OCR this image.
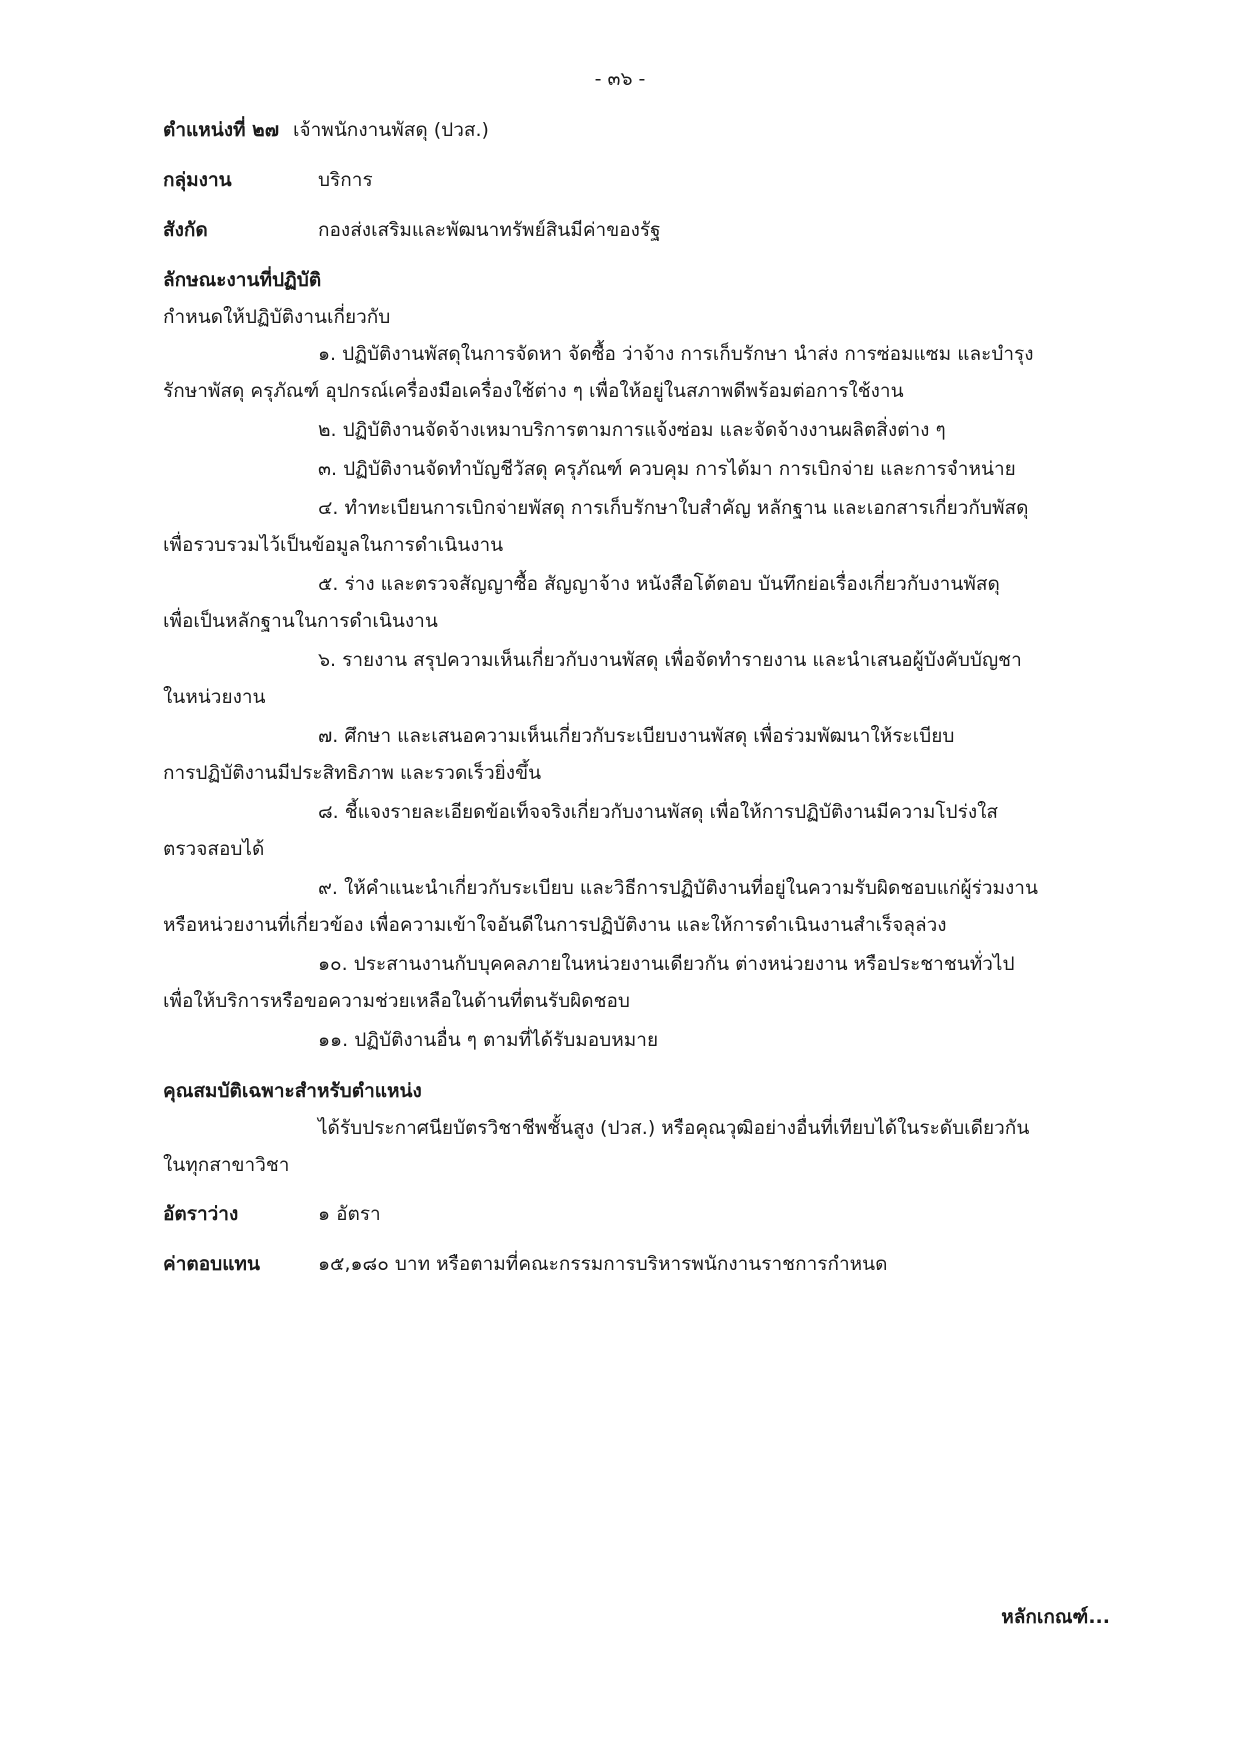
- ๓๖ -
ตำแหน่งที่ ๒๗ เจ้าพนักงานพัสดุ (ปวส.)
กลุ่มงาน	บริการ
สังกัด	กองส่งเสริมและพัฒนาทรัพย์สินมีค่าของรัฐ
ลักษณะงานที่ปฏิบัติ

กำหนดให้ปฏิบัติงานเกี่ยวกับ

๑. ปฏิบัติงานพัสดุในการจัดหา จัดซื้อ ว่าจ้าง การเก็บรักษา นำส่ง การซ่อมแซม และบำรุง
รักษาพัสดุ ครุภัณฑ์ อุปกรณ์เครื่องมือเครื่องใช้ต่าง ๆ เพื่อให้อยู่ในสภาพดีพร้อมต่อการใช้งาน

๒. ปฏิบัติงานจัดจ้างเหมาบริการตามการแจ้งซ่อม และจัดจ้างงานผลิตสิ่งต่าง ๆ

๓. ปฏิบัติงานจัดทำบัญชีวัสดุ ครุภัณฑ์ ควบคุม การได้มา การเบิกจ่าย และการจำหน่าย

๔. ทำทะเบียนการเบิกจ่ายพัสดุ การเก็บรักษาใบสำคัญ หลักฐาน และเอกสารเกี่ยวกับพัสดุ
เพื่อรวบรวมไว้เป็นข้อมูลในการดำเนินงาน

๕. ร่าง และตรวจสัญญาซื้อ สัญญาจ้าง หนังสือโต้ตอบ บันทึกย่อเรื่องเกี่ยวกับงานพัสดุ
เพื่อเป็นหลักฐานในการดำเนินงาน

๖. รายงาน สรุปความเห็นเกี่ยวกับงานพัสดุ เพื่อจัดทำรายงาน และนำเสนอผู้บังคับบัญชา
ในหน่วยงาน

๗. ศึกษา และเสนอความเห็นเกี่ยวกับระเบียบงานพัสดุ เพื่อร่วมพัฒนาให้ระเบียบ
การปฏิบัติงานมีประสิทธิภาพ และรวดเร็วยิ่งขึ้น

๘. ชี้แจงรายละเอียดข้อเท็จจริงเกี่ยวกับงานพัสดุ เพื่อให้การปฏิบัติงานมีความโปร่งใส
ตรวจสอบได้

๙. ให้คำแนะนำเกี่ยวกับระเบียบ และวิธีการปฏิบัติงานที่อยู่ในความรับผิดชอบแก่ผู้ร่วมงาน
หรือหน่วยงานที่เกี่ยวข้อง เพื่อความเข้าใจอันดีในการปฏิบัติงาน และให้การดำเนินงานสำเร็จลุล่วง

๑๐. ประสานงานกับบุคคลภายในหน่วยงานเดียวกัน ต่างหน่วยงาน หรือประชาชนทั่วไป
เพื่อให้บริการหรือขอความช่วยเหลือในด้านที่ตนรับผิดชอบ

๑๑. ปฏิบัติงานอื่น ๆ ตามที่ได้รับมอบหมาย

คุณสมบัติเฉพาะสำหรับตำแหน่ง

ได้รับประกาศนียบัตรวิชาชีพชั้นสูง (ปวส.) หรือคุณวุฒิอย่างอื่นที่เทียบได้ในระดับเดียวกัน
ในทุกสาขาวิชา

อัตราว่าง	๑ อัตรา
ค่าตอบแทน	๑๕,๑๘๐ บาท หรือตามที่คณะกรรมการบริหารพนักงานราชการกำหนด
หลักเกณฑ์...
